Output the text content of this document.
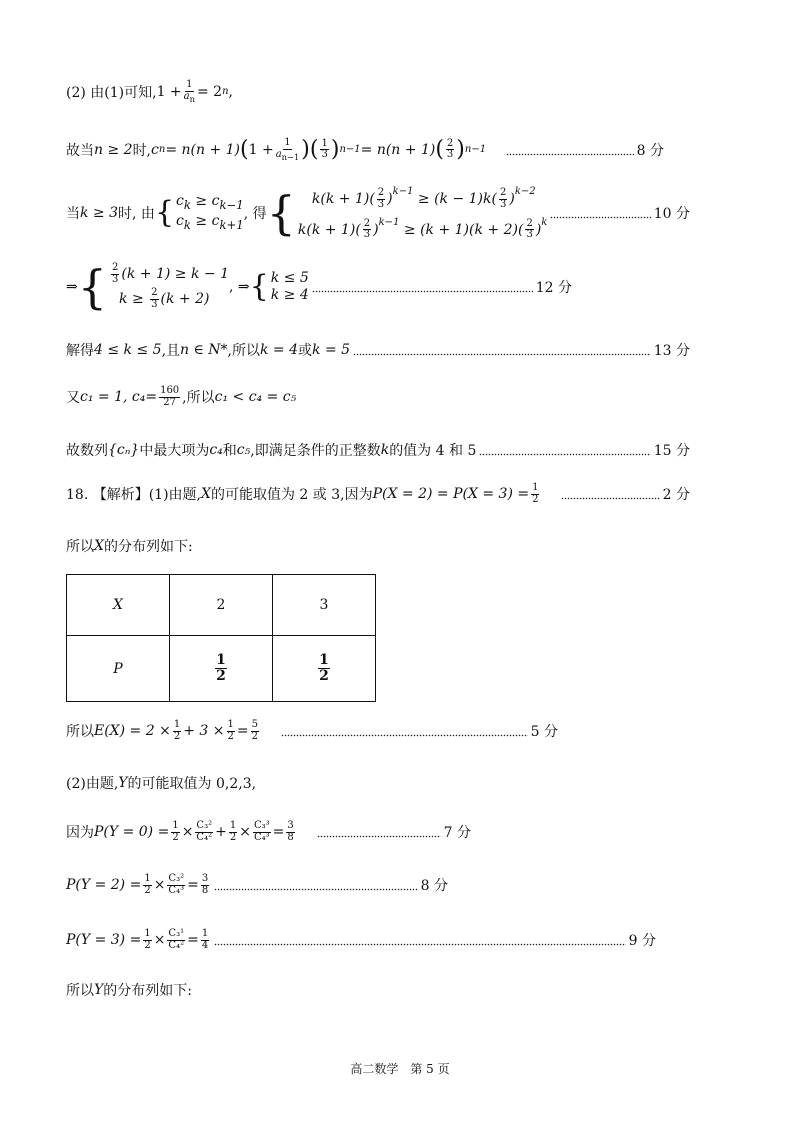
(2) 由(1)可知, $1 + \frac{1}{a_n} = 2$ n ,
故当 n ≥ 2 时, c n = n(n + 1) ( $1 + \frac{1}{a_{n-1}}$ ) ( $\frac{1}{3}$ ) n−1 = n(n + 1) ( $\frac{2}{3}$ ) n−1	8 分
当 k ≥ 3 时, 由 { $c_k \ge c_{k-1}$
$c_k \ge c_{k+1}$
, 得 {	$k(k + 1)( \frac{2}{3} )^{k-1} \ge (k - 1)k( \frac{2}{3} )^{k-2}$
$k(k + 1)( \frac{2}{3} )^{k-1} \ge (k + 1)(k + 2)( \frac{2}{3} )^k$
10 分
⇒ { $\frac{2}{3} (k + 1) \ge k - 1$
$k \ge \frac{2}{3} (k + 2)$
, ⇒ { k ≤ 5
k ≥ 4	12 分
解得 4 ≤ k ≤ 5 ,且 n ∈ N* ,所以 k = 4 或 k = 5	13 分
又 c₁ = 1, $c_4= \frac{160}{27}$ ,所以 c₁ < c₄ = c₅
故数列 {cₙ} 中最大项为 c₄ 和 c₅ ,即满足条件的正整数 k 的值为 4 和 5	15 分
18. 【解析】(1)由题, X 的可能取值为 2 或 3,因为 $P(X = 2) = P(X = 3) = \frac{1}{2}$	2 分
所以 X 的分布列如下:
X	2	3
P	$\frac{1}{2}$	$\frac{1}{2}$
所以 $E(X) = 2 \times \frac{1}{2} + 3 \times \frac{1}{2} = \frac{5}{2}$	5 分
(2)由题, Y 的可能取值为 0,2,3,
因为 $P(Y = 0) = \frac{1}{2} \times \frac{\text{C₃²}}{\text{C₄²}} + \frac{1}{2} \times \frac{\text{C₃³}}{\text{C₄³}} = \frac{3}{8}$	7 分
$P(Y = 2) = \frac{1}{2} \times \frac{\text{C₃²}}{\text{C₄³}} = \frac{3}{8}$	8 分
$P(Y = 3) = \frac{1}{2} \times \frac{\text{C₃¹}}{\text{C₄²}} = \frac{1}{4}$	9 分
所以 Y 的分布列如下:
高二数学　第 5 页
